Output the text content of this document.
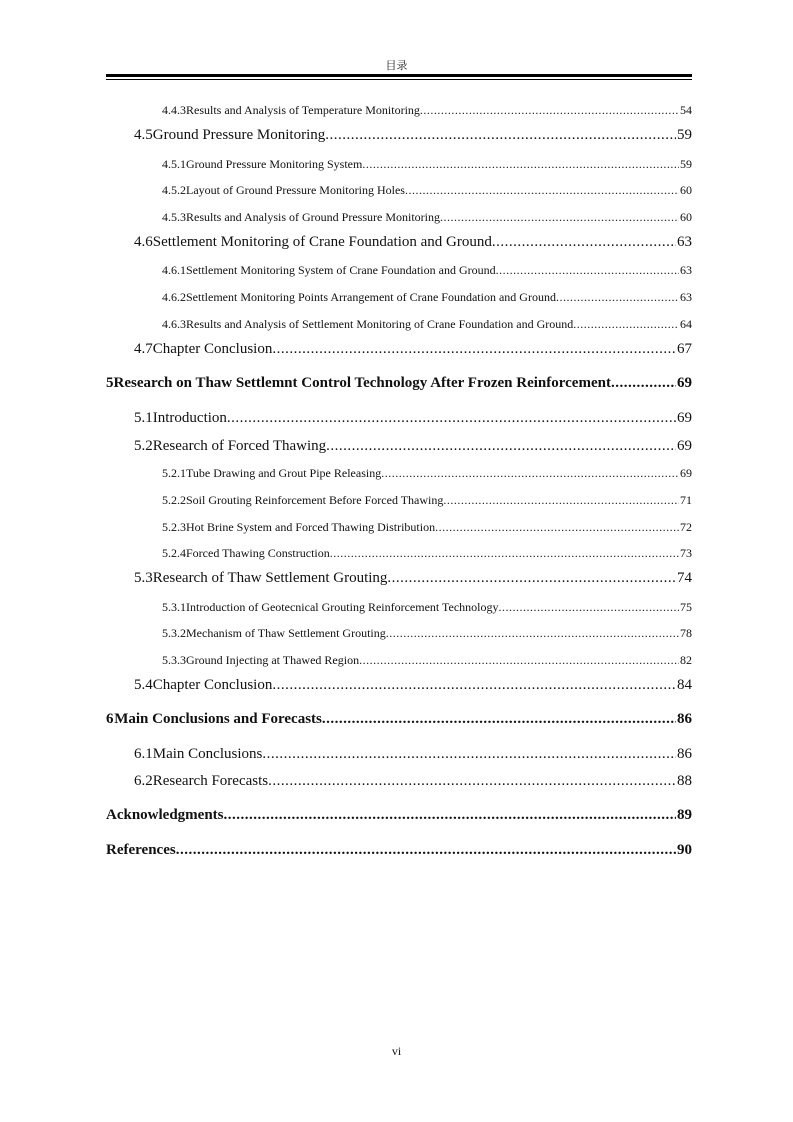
目录
4.4.3 Results and Analysis of Temperature Monitoring .....	54
4.5 Ground Pressure Monitoring .....	59
4.5.1 Ground Pressure Monitoring System .....	59
4.5.2 Layout of Ground Pressure Monitoring Holes .....	60
4.5.3 Results and Analysis of Ground Pressure Monitoring .....	60
4.6 Settlement Monitoring of Crane Foundation and Ground .....	63
4.6.1 Settlement Monitoring System of Crane Foundation and Ground .....	63
4.6.2 Settlement Monitoring Points Arrangement of Crane Foundation and Ground .....	63
4.6.3 Results and Analysis of Settlement Monitoring of Crane Foundation and Ground .....	64
4.7 Chapter Conclusion .....	67
5 Research on Thaw Settlemnt Control Technology After Frozen Reinforcement .....	69
5.1 Introduction .....	69
5.2 Research of Forced Thawing .....	69
5.2.1 Tube Drawing and Grout Pipe Releasing .....	69
5.2.2 Soil Grouting Reinforcement Before Forced Thawing .....	71
5.2.3 Hot Brine System and Forced Thawing Distribution .....	72
5.2.4 Forced Thawing Construction .....	73
5.3 Research of Thaw Settlement Grouting .....	74
5.3.1 Introduction of Geotecnical Grouting Reinforcement Technology .....	75
5.3.2 Mechanism of Thaw Settlement Grouting .....	78
5.3.3 Ground Injecting at Thawed Region .....	82
5.4 Chapter Conclusion .....	84
6 Main Conclusions and Forecasts .....	86
6.1 Main Conclusions .....	86
6.2 Research Forecasts .....	88
Acknowledgments .....	89
References .....	90
vi
